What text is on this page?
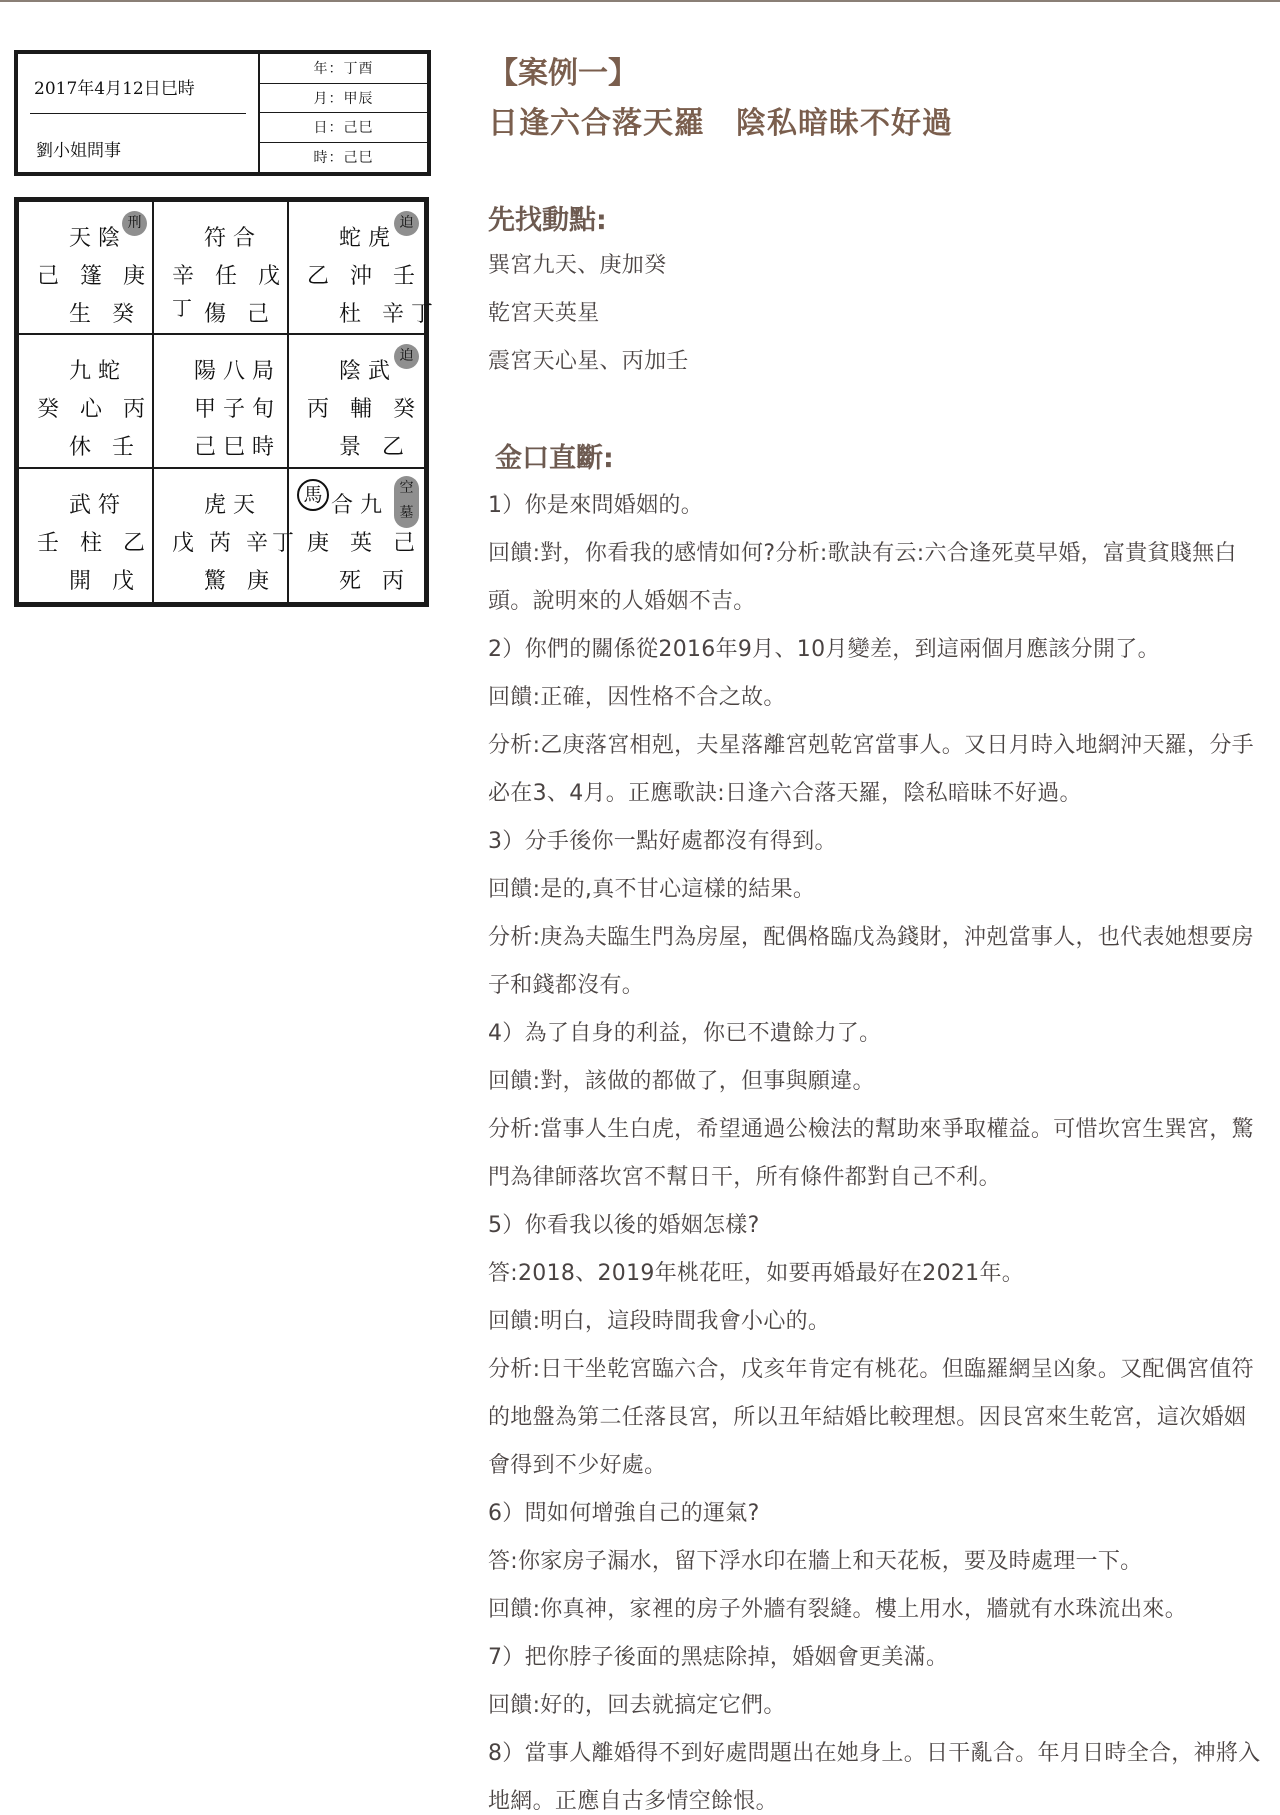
2017年4月12日巳時
劉小姐問事
年：丁酉
月：甲辰
日：己巳
時：己巳
刑
天陰
己 篷 庚
生 癸
符合
辛 任 戊
丁 傷 己
迫
蛇虎
乙 沖 壬
杜 辛丁
九蛇
癸 心 丙
休 壬
陽八局
甲子旬
己巳時
迫
陰武
丙 輔 癸
景 乙
武符
壬 柱 乙
開 戊
虎天
戊 芮 辛丁
驚 庚
馬	空
墓
合九
庚 英 己
死 丙
【案例一】
日逢六合落天羅　陰私暗昧不好過
先找動點:
巽宮九天、庚加癸
乾宮天英星
震宮天心星、丙加壬
金口直斷:
1）你是來問婚姻的。
回饋:對，你看我的感情如何?分析:歌訣有云:六合逢死莫早婚，富貴貧賤無白
頭。說明來的人婚姻不吉。
2）你們的關係從2016年9月、10月變差，到這兩個月應該分開了。
回饋:正確，因性格不合之故。
分析:乙庚落宮相剋，夫星落離宮剋乾宮當事人。又日月時入地網沖天羅，分手
必在3、4月。正應歌訣:日逢六合落天羅，陰私暗昧不好過。
3）分手後你一點好處都沒有得到。
回饋:是的,真不甘心這樣的結果。
分析:庚為夫臨生門為房屋，配偶格臨戊為錢財，沖剋當事人，也代表她想要房
子和錢都沒有。
4）為了自身的利益，你已不遺餘力了。
回饋:對，該做的都做了，但事與願違。
分析:當事人生白虎，希望通過公檢法的幫助來爭取權益。可惜坎宮生巽宮，驚
門為律師落坎宮不幫日干，所有條件都對自己不利。
5）你看我以後的婚姻怎樣?
答:2018、2019年桃花旺，如要再婚最好在2021年。
回饋:明白，這段時間我會小心的。
分析:日干坐乾宮臨六合，戊亥年肯定有桃花。但臨羅網呈凶象。又配偶宮值符
的地盤為第二任落艮宮，所以丑年結婚比較理想。因艮宮來生乾宮，這次婚姻
會得到不少好處。
6）問如何增強自己的運氣?
答:你家房子漏水，留下浮水印在牆上和天花板，要及時處理一下。
回饋:你真神，家裡的房子外牆有裂縫。樓上用水，牆就有水珠流出來。
7）把你脖子後面的黑痣除掉，婚姻會更美滿。
回饋:好的，回去就搞定它們。
8）當事人離婚得不到好處問題出在她身上。日干亂合。年月日時全合，神將入
地網。正應自古多情空餘恨。
